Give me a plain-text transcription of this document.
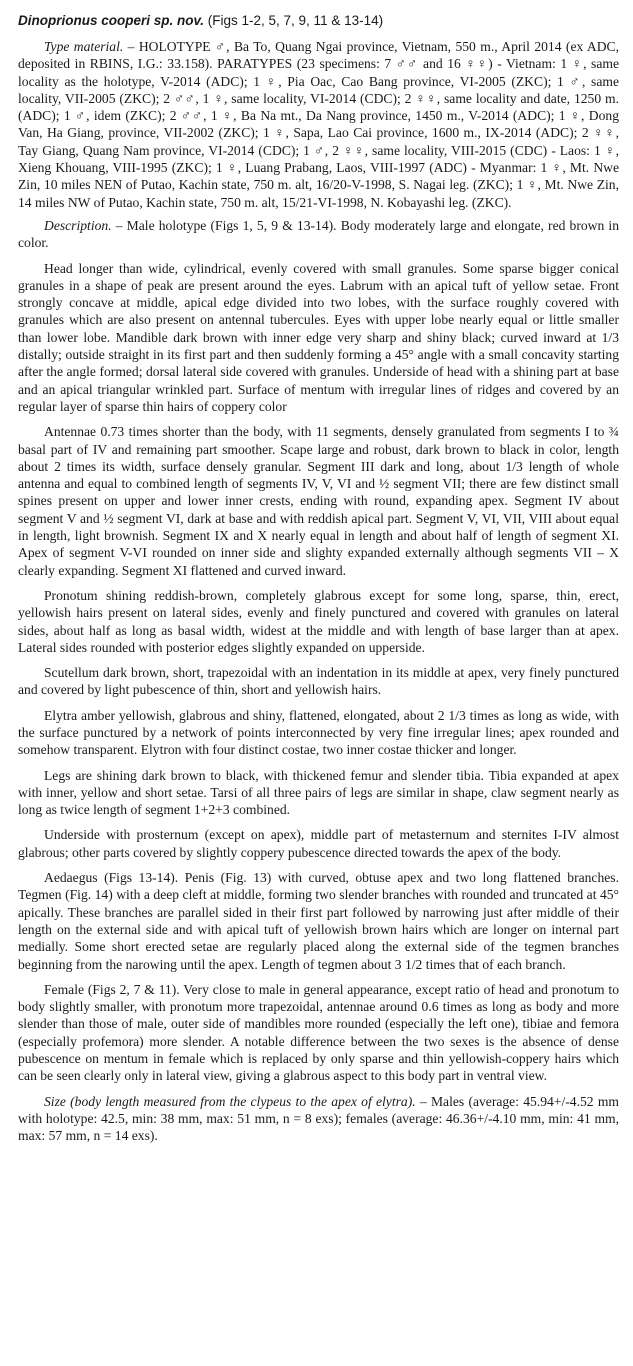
Dinoprionus cooperi sp. nov. (Figs 1-2, 5, 7, 9, 11 & 13-14)

Type material. – HOLOTYPE ♂, Ba To, Quang Ngai province, Vietnam, 550 m., April 2014 (ex ADC, deposited in RBINS, I.G.: 33.158). PARATYPES (23 specimens: 7 ♂♂ and 16 ♀♀) - Vietnam: 1 ♀, same locality as the holotype, V-2014 (ADC); 1 ♀, Pia Oac, Cao Bang province, VI-2005 (ZKC); 1 ♂, same locality, VII-2005 (ZKC); 2 ♂♂, 1 ♀, same locality, VI-2014 (CDC); 2 ♀♀, same locality and date, 1250 m. (ADC); 1 ♂, idem (ZKC); 2 ♂♂, 1 ♀, Ba Na mt., Da Nang province, 1450 m., V-2014 (ADC); 1 ♀, Dong Van, Ha Giang, province, VII-2002 (ZKC); 1 ♀, Sapa, Lao Cai province, 1600 m., IX-2014 (ADC); 2 ♀♀, Tay Giang, Quang Nam province, VI-2014 (CDC); 1 ♂, 2 ♀♀, same locality, VIII-2015 (CDC) - Laos: 1 ♀, Xieng Khouang, VIII-1995 (ZKC); 1 ♀, Luang Prabang, Laos, VIII-1997 (ADC) - Myanmar: 1 ♀, Mt. Nwe Zin, 10 miles NEN of Putao, Kachin state, 750 m. alt, 16/20-V-1998, S. Nagai leg. (ZKC); 1 ♀, Mt. Nwe Zin, 14 miles NW of Putao, Kachin state, 750 m. alt, 15/21-VI-1998, N. Kobayashi leg. (ZKC).

Description. – Male holotype (Figs 1, 5, 9 & 13-14). Body moderately large and elongate, red brown in color.

Head longer than wide, cylindrical, evenly covered with small granules. Some sparse bigger conical granules in a shape of peak are present around the eyes. Labrum with an apical tuft of yellow setae. Front strongly concave at middle, apical edge divided into two lobes, with the surface roughly covered with granules which are also present on antennal tubercules. Eyes with upper lobe nearly equal or little smaller than lower lobe. Mandible dark brown with inner edge very sharp and shiny black; curved inward at 1/3 distally; outside straight in its first part and then suddenly forming a 45° angle with a small concavity starting after the angle formed; dorsal lateral side covered with granules. Underside of head with a shining part at base and an apical triangular wrinkled part. Surface of mentum with irregular lines of ridges and covered by an regular layer of sparse thin hairs of coppery color

Antennae 0.73 times shorter than the body, with 11 segments, densely granulated from segments I to ¾ basal part of IV and remaining part smoother. Scape large and robust, dark brown to black in color, length about 2 times its width, surface densely granular. Segment III dark and long, about 1/3 length of whole antenna and equal to combined length of segments IV, V, VI and ½ segment VII; there are few distinct small spines present on upper and lower inner crests, ending with round, expanding apex. Segment IV about segment V and ½ segment VI, dark at base and with reddish apical part. Segment V, VI, VII, VIII about equal in length, light brownish. Segment IX and X nearly equal in length and about half of length of segment XI. Apex of segment V-VI rounded on inner side and slighty expanded externally although segments VII – X clearly expanding. Segment XI flattened and curved inward.

Pronotum shining reddish-brown, completely glabrous except for some long, sparse, thin, erect, yellowish hairs present on lateral sides, evenly and finely punctured and covered with granules on lateral sides, about half as long as basal width, widest at the middle and with length of base larger than at apex. Lateral sides rounded with posterior edges slightly expanded on upperside.

Scutellum dark brown, short, trapezoidal with an indentation in its middle at apex, very finely punctured and covered by light pubescence of thin, short and yellowish hairs.

Elytra amber yellowish, glabrous and shiny, flattened, elongated, about 2 1/3 times as long as wide, with the surface punctured by a network of points interconnected by very fine irregular lines; apex rounded and somehow transparent. Elytron with four distinct costae, two inner costae thicker and longer.

Legs are shining dark brown to black, with thickened femur and slender tibia. Tibia expanded at apex with inner, yellow and short setae. Tarsi of all three pairs of legs are similar in shape, claw segment nearly as long as twice length of segment 1+2+3 combined.

Underside with prosternum (except on apex), middle part of metasternum and sternites I-IV almost glabrous; other parts covered by slightly coppery pubescence directed towards the apex of the body.

Aedaegus (Figs 13-14). Penis (Fig. 13) with curved, obtuse apex and two long flattened branches. Tegmen (Fig. 14) with a deep cleft at middle, forming two slender branches with rounded and truncated at 45° apically. These branches are parallel sided in their first part followed by narrowing just after middle of their length on the external side and with apical tuft of yellowish brown hairs which are longer on internal part medially. Some short erected setae are regularly placed along the external side of the tegmen branches beginning from the narowing until the apex. Length of tegmen about 3 1/2 times that of each branch.

Female (Figs 2, 7 & 11). Very close to male in general appearance, except ratio of head and pronotum to body slightly smaller, with pronotum more trapezoidal, antennae around 0.6 times as long as body and more slender than those of male, outer side of mandibles more rounded (especially the left one), tibiae and femora (especially profemora) more slender. A notable difference between the two sexes is the absence of dense pubescence on mentum in female which is replaced by only sparse and thin yellowish-coppery hairs which can be seen clearly only in lateral view, giving a glabrous aspect to this body part in ventral view.

Size (body length measured from the clypeus to the apex of elytra). – Males (average: 45.94+/-4.52 mm with holotype: 42.5, min: 38 mm, max: 51 mm, n = 8 exs); females (average: 46.36+/-4.10 mm, min: 41 mm, max: 57 mm, n = 14 exs).
